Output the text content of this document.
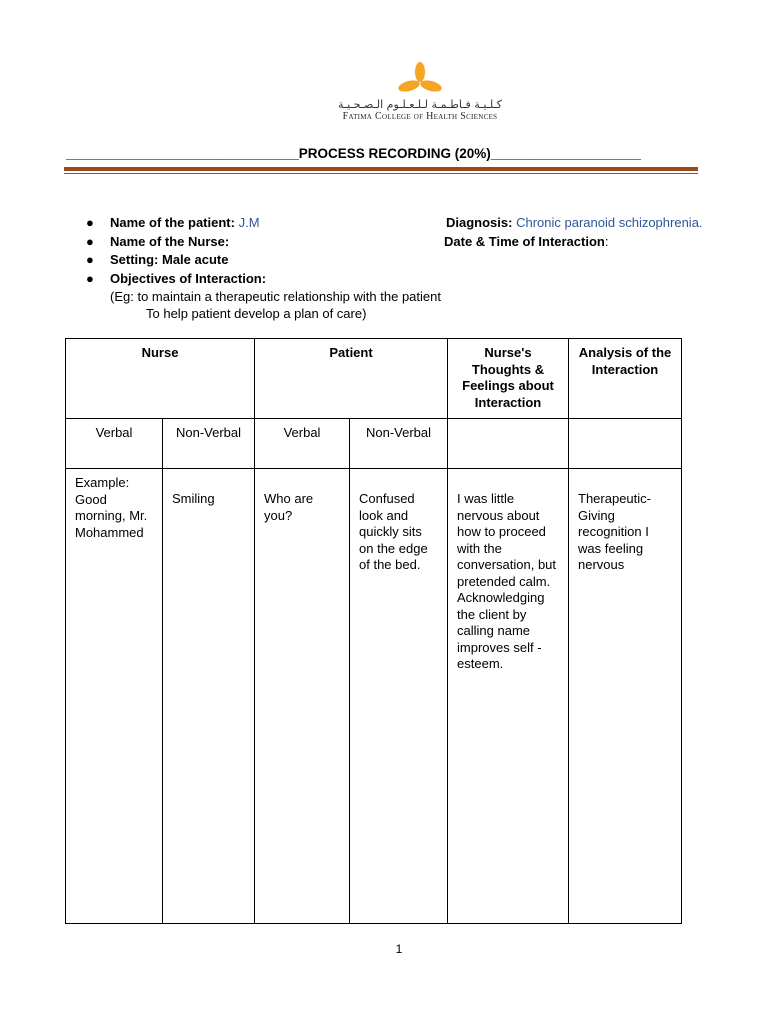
كـلـيـة فـاطـمـة لـلـعـلـوم الـصـحـيـة
Fatima College of Health Sciences
_______________________________PROCESS RECORDING (20%)____________________
● Name of the patient: J.M	Diagnosis: Chronic paranoid schizophrenia.
● Name of the Nurse:	Date & Time of Interaction:
● Setting: Male acute
● Objectives of Interaction:
(Eg: to maintain a therapeutic relationship with the patient
To help patient develop a plan of care)
Nurse		Patient		Nurse's Thoughts & Feelings about Interaction	Analysis of the Interaction
Verbal	Non-Verbal	Verbal	Non-Verbal		
Example: Good morning, Mr. Mohammed	Smiling	Who are you?	Confused look and quickly sits on the edge of the bed.	I was little nervous about how to proceed with the conversation, but pretended calm. Acknowledging the client by calling name improves self - esteem.	Therapeutic- Giving recognition I was feeling nervous
1
